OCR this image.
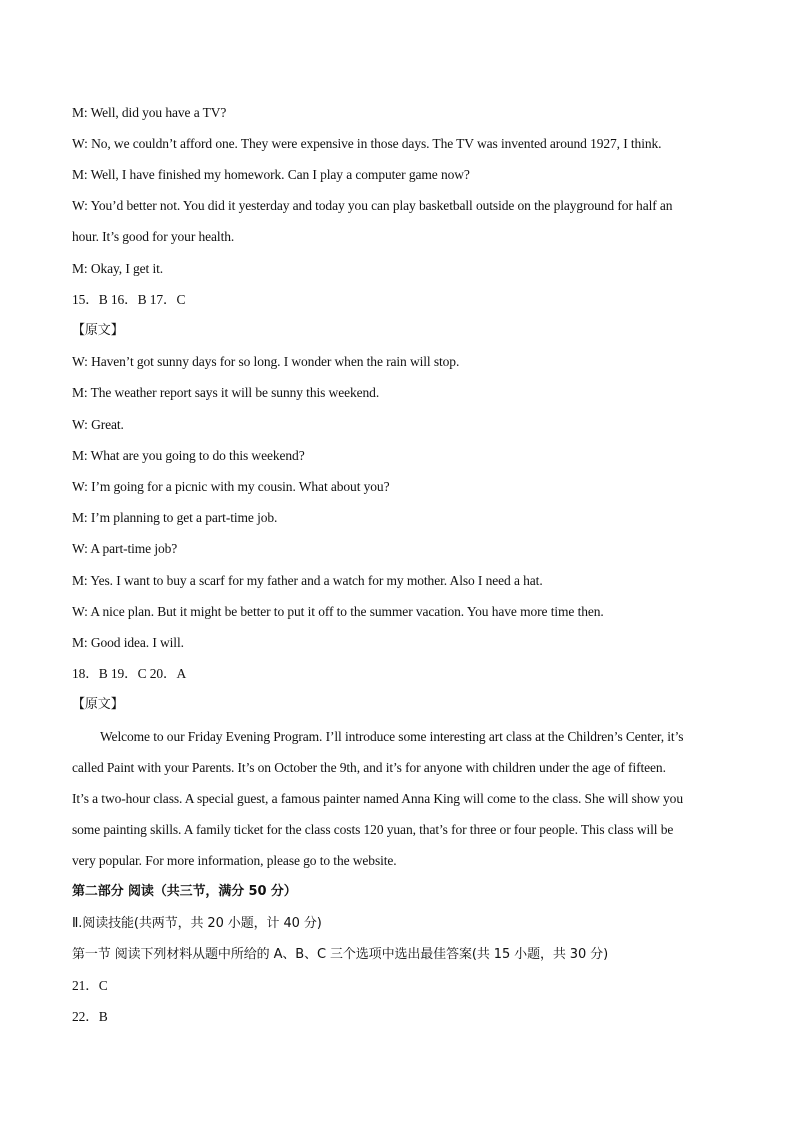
M: Well, did you have a TV?
W: No, we couldn’t afford one. They were expensive in those days. The TV was invented around 1927, I think.
M: Well, I have finished my homework. Can I play a computer game now?
W: You’d better not. You did it yesterday and today you can play basketball outside on the playground for half an
hour. It’s good for your health.
M: Okay, I get it.
15．B 16．B 17．C
【原文】
W: Haven’t got sunny days for so long. I wonder when the rain will stop.
M: The weather report says it will be sunny this weekend.
W: Great.
M: What are you going to do this weekend?
W: I’m going for a picnic with my cousin. What about you?
M: I’m planning to get a part-time job.
W: A part-time job?
M: Yes. I want to buy a scarf for my father and a watch for my mother. Also I need a hat.
W: A nice plan. But it might be better to put it off to the summer vacation. You have more time then.
M: Good idea. I will.
18．B 19．C 20．A
【原文】
Welcome to our Friday Evening Program. I’ll introduce some interesting art class at the Children’s Center, it’s
called Paint with your Parents. It’s on October the 9th, and it’s for anyone with children under the age of fifteen.
It’s a two-hour class. A special guest, a famous painter named Anna King will come to the class. She will show you
some painting skills. A family ticket for the class costs 120 yuan, that’s for three or four people. This class will be
very popular. For more information, please go to the website.
第二部分 阅读（共三节，满分 50 分）
Ⅱ.阅读技能(共两节，共 20 小题，计 40 分)
第一节 阅读下列材料从题中所给的 A、B、C 三个选项中选出最佳答案(共 15 小题，共 30 分)
21．C
22．B
